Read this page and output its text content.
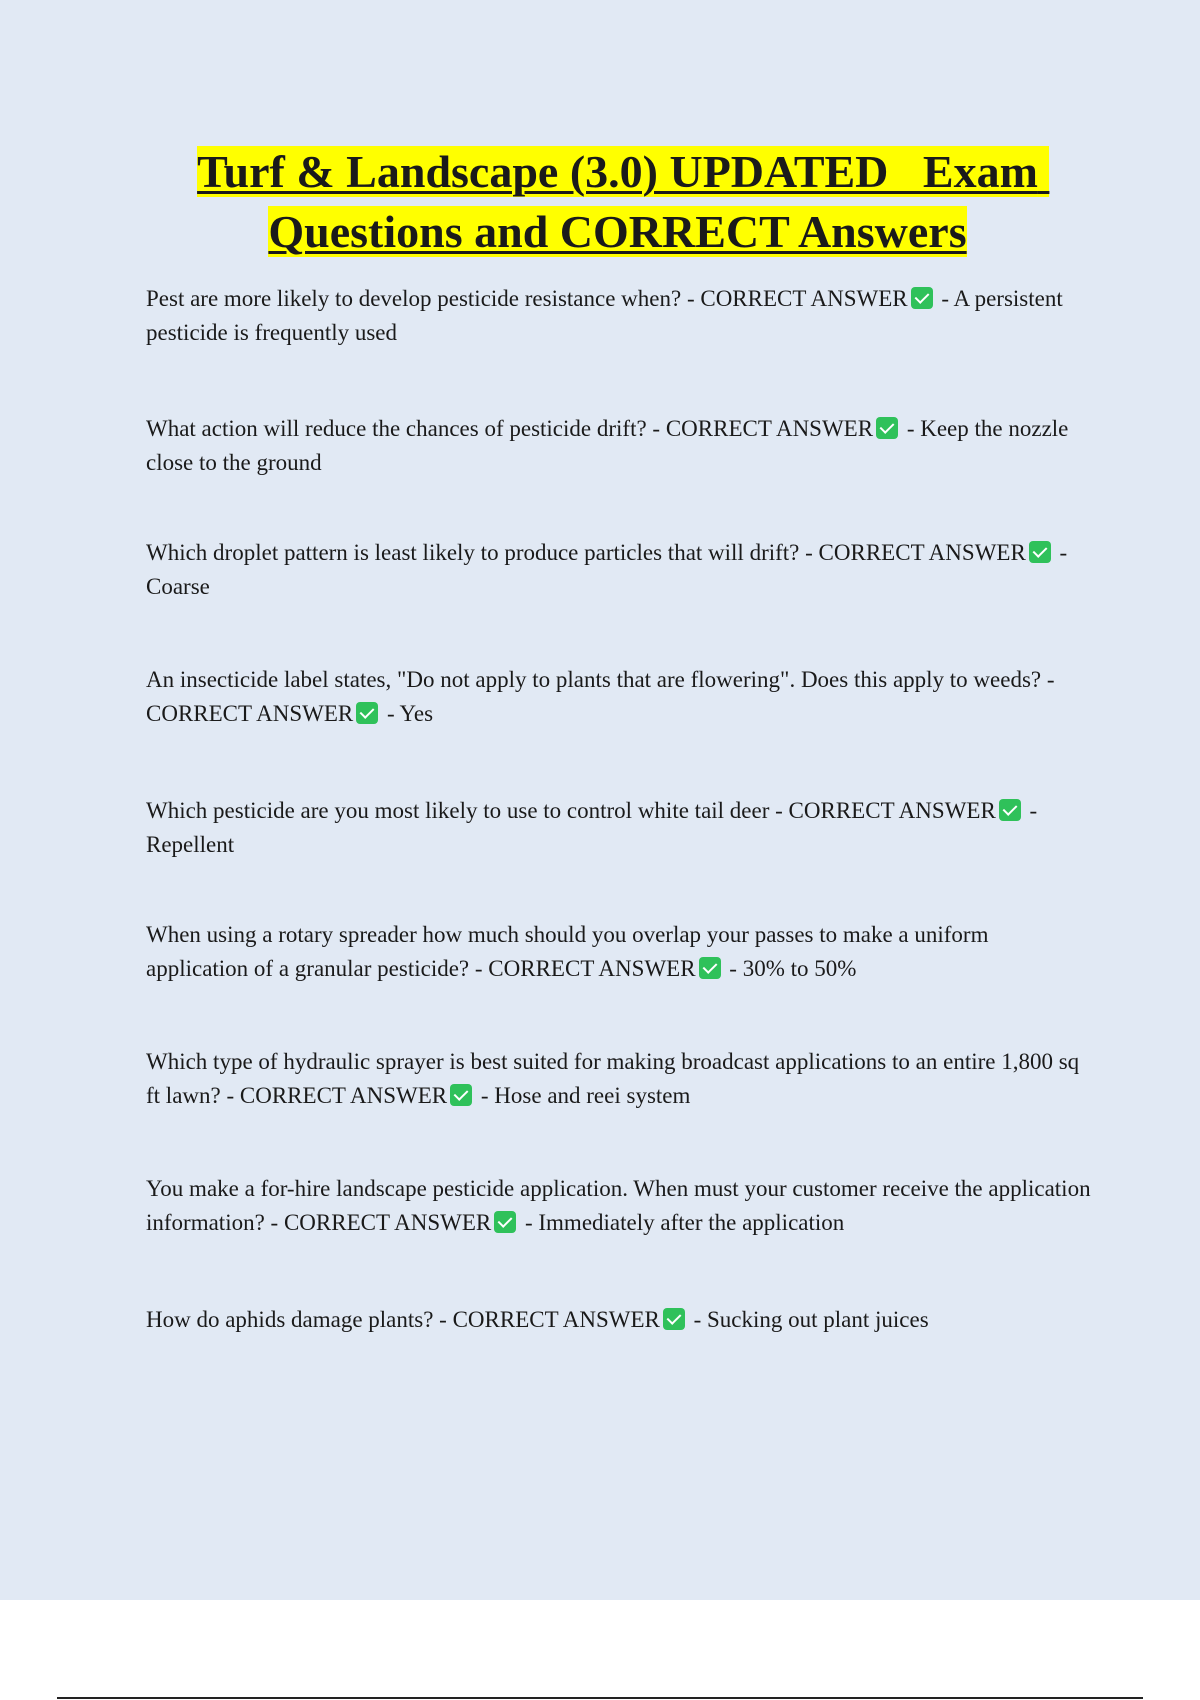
Turf & Landscape (3.0) UPDATED   Exam Questions and CORRECT Answers
Pest are more likely to develop pesticide resistance when? - CORRECT ANSWER - A persistent pesticide is frequently used
What action will reduce the chances of pesticide drift? - CORRECT ANSWER - Keep the nozzle close to the ground
Which droplet pattern is least likely to produce particles that will drift? - CORRECT ANSWER - Coarse
An insecticide label states, "Do not apply to plants that are flowering". Does this apply to weeds? - CORRECT ANSWER - Yes
Which pesticide are you most likely to use to control white tail deer - CORRECT ANSWER - Repellent
When using a rotary spreader how much should you overlap your passes to make a uniform application of a granular pesticide? - CORRECT ANSWER - 30% to 50%
Which type of hydraulic sprayer is best suited for making broadcast applications to an entire 1,800 sq ft lawn? - CORRECT ANSWER - Hose and reei system
You make a for-hire landscape pesticide application. When must your customer receive the application information? - CORRECT ANSWER - Immediately after the application
How do aphids damage plants? - CORRECT ANSWER - Sucking out plant juices
